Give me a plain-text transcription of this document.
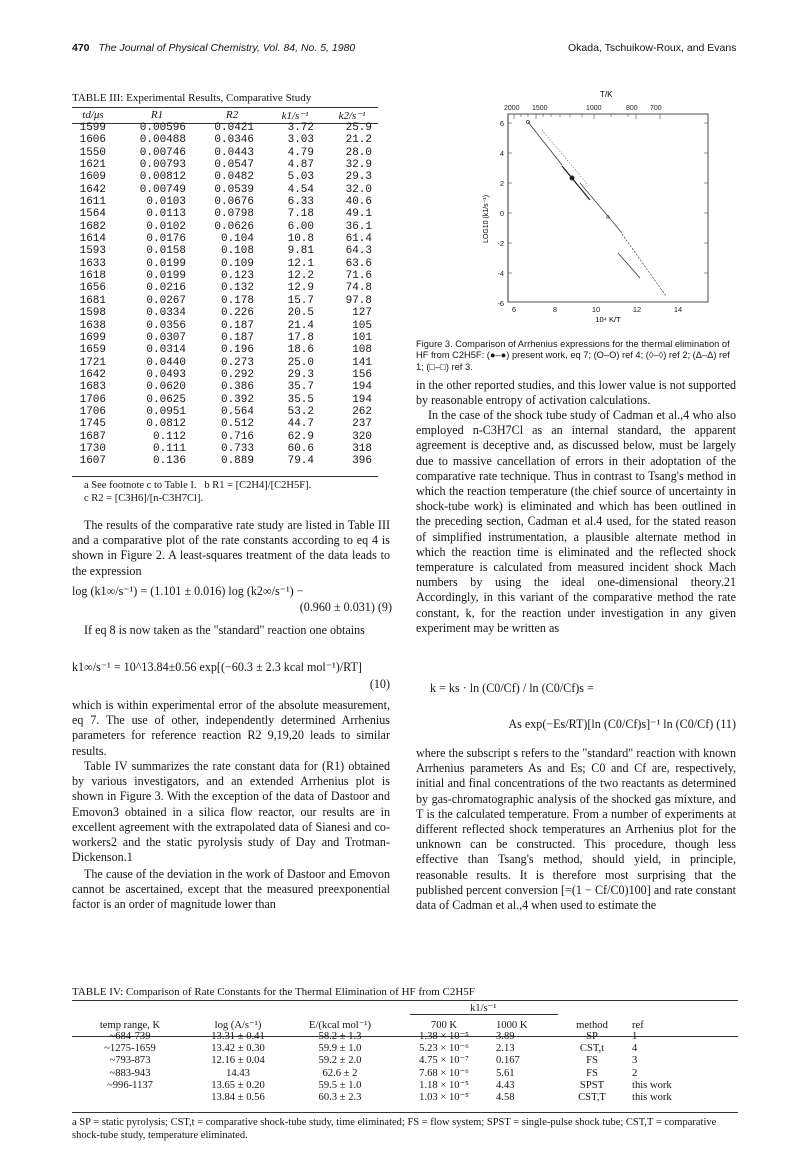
470 The Journal of Physical Chemistry, Vol. 84, No. 5, 1980	Okada, Tschuikow-Roux, and Evans
TABLE III: Experimental Results, Comparative Study
td/μs	R1	R2	k1/s⁻¹	k2/s⁻¹
1599	0.00596	0.0421	3.72	25.9
1606	0.00488	0.0346	3.03	21.2
1550	0.00746	0.0443	4.79	28.0
1621	0.00793	0.0547	4.87	32.9
1609	0.00812	0.0482	5.03	29.3
1642	0.00749	0.0539	4.54	32.0
1611	0.0103	0.0676	6.33	40.6
1564	0.0113	0.0798	7.18	49.1
1682	0.0102	0.0626	6.00	36.1
1614	0.0176	0.104	10.8	61.4
1593	0.0158	0.108	9.81	64.3
1633	0.0199	0.109	12.1	63.6
1618	0.0199	0.123	12.2	71.6
1656	0.0216	0.132	12.9	74.8
1681	0.0267	0.178	15.7	97.8
1598	0.0334	0.226	20.5	127
1638	0.0356	0.187	21.4	105
1699	0.0307	0.187	17.8	101
1659	0.0314	0.196	18.6	108
1721	0.0440	0.273	25.0	141
1642	0.0493	0.292	29.3	156
1683	0.0620	0.386	35.7	194
1706	0.0625	0.392	35.5	194
1706	0.0951	0.564	53.2	262
1745	0.0812	0.512	44.7	237
1687	0.112	0.716	62.9	320
1730	0.111	0.733	60.6	318
1607	0.136	0.889	79.4	396
a See footnote c to Table I. b R1 = [C2H4]/[C2H5F].
c R2 = [C3H6]/[n-C3H7Cl].
The results of the comparative rate study are listed in Table III and a comparative plot of the rate constants according to eq 4 is shown in Figure 2. A least-squares treatment of the data leads to the expression
log (k1∞/s⁻¹) = (1.101 ± 0.016) log (k2∞/s⁻¹) −
(0.960 ± 0.031) (9)
If eq 8 is now taken as the "standard" reaction one obtains
k1∞/s⁻¹ = 10^13.84±0.56 exp[(−60.3 ± 2.3 kcal mol⁻¹)/RT]
(10)
which is within experimental error of the absolute measurement, eq 7. The use of other, independently determined Arrhenius parameters for reference reaction R2 9,19,20 leads to similar results.
Table IV summarizes the rate constant data for (R1) obtained by various investigators, and an extended Arrhenius plot is shown in Figure 3. With the exception of the data of Dastoor and Emovon3 obtained in a silica flow reactor, our results are in excellent agreement with the extrapolated data of Sianesi and co-workers2 and the static pyrolysis study of Day and Trotman-Dickenson.1
The cause of the deviation in the work of Dastoor and Emovon cannot be ascertained, except that the measured preexponential factor is an order of magnitude lower than
T/K
2000 1500	1000	800 700
6
4
2
0
-2
-4
-6
LOG10 (k1/s⁻¹)
6	8	10	12	14
10⁴ K/T
Figure 3. Comparison of Arrhenius expressions for the thermal elimination of HF from C2H5F: (●–●) present work, eq 7; (O–O) ref 4; (◊–◊) ref 2; (Δ–Δ) ref 1; (□–□) ref 3.
in the other reported studies, and this lower value is not supported by reasonable entropy of activation calculations.
In the case of the shock tube study of Cadman et al.,4 who also employed n-C3H7Cl as an internal standard, the apparent agreement is deceptive and, as discussed below, must be largely due to massive cancellation of errors in their adoptation of the comparative rate technique. Thus in contrast to Tsang's method in which the reaction temperature (the chief source of uncertainty in shock-tube work) is eliminated and which has been outlined in the preceding section, Cadman et al.4 used, for the stated reason of simplified instrumentation, a plausible alternate method in which the reaction time is eliminated and the reflected shock temperature is calculated from measured incident shock Mach numbers by using the ideal one-dimensional theory.21 Accordingly, in this variant of the comparative method the rate constant, k, for the reaction under investigation in any given experiment may be written as
k = ks · ln (C0/Cf) / ln (C0/Cf)s =
As exp(−Es/RT)[ln (C0/Cf)s]⁻¹ ln (C0/Cf) (11)
where the subscript s refers to the "standard" reaction with known Arrhenius parameters As and Es; C0 and Cf are, respectively, initial and final concentrations of the two reactants as determined by gas-chromatographic analysis of the shocked gas mixture, and T is the calculated temperature. From a number of experiments at different reflected shock temperatures an Arrhenius plot for the unknown can be constructed. This procedure, though less effective than Tsang's method, should yield, in principle, reasonable results. It is therefore most surprising that the published percent conversion [=(1 − Cf/C0)100] and rate constant data of Cadman et al.,4 when used to estimate the
TABLE IV: Comparison of Rate Constants for the Thermal Elimination of HF from C2H5F
k1/s⁻¹
temp range, K	log (A/s⁻¹)	E/(kcal mol⁻¹)	700 K	1000 K	method	ref
~684-739	13.31 ± 0.41	58.2 ± 1.3	1.38 × 10⁻⁵	3.89	SP	1
~1275-1659	13.42 ± 0.30	59.9 ± 1.0	5.23 × 10⁻⁶	2.13	CST,t	4
~793-873	12.16 ± 0.04	59.2 ± 2.0	4.75 × 10⁻⁷	0.167	FS	3
~883-943	14.43	62.6 ± 2	7.68 × 10⁻⁶	5.61	FS	2
~996-1137	13.65 ± 0.20	59.5 ± 1.0	1.18 × 10⁻⁵	4.43	SPST	this work
	13.84 ± 0.56	60.3 ± 2.3	1.03 × 10⁻⁵	4.58	CST,T	this work
a SP = static pyrolysis; CST,t = comparative shock-tube study, time eliminated; FS = flow system; SPST = single-pulse shock tube; CST,T = comparative shock-tube study, temperature eliminated.
